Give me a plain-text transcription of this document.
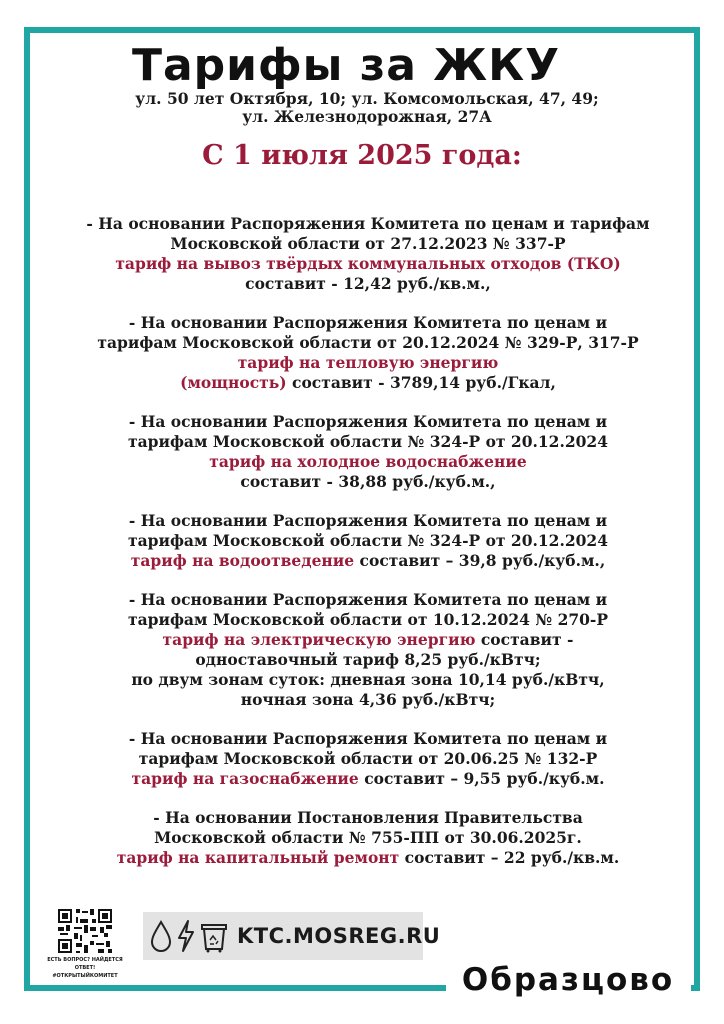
Тарифы за ЖКУ
ул. 50 лет Октября, 10; ул. Комсомольская, 47, 49;
ул. Железнодорожная, 27А
С 1 июля 2025 года:

- На основании Распоряжения Комитета по ценам и тарифам

Московской области от 27.12.2023 № 337-Р

тариф на вывоз твёрдых коммунальных отходов (ТКО)

составит - 12,42 руб./кв.м.,

- На основании Распоряжения Комитета по ценам и

тарифам Московской области от 20.12.2024 № 329-Р, 317-Р

тариф на тепловую энергию

(мощность) составит - 3789,14 руб./Гкал,

- На основании Распоряжения Комитета по ценам и

тарифам Московской области № 324-Р от 20.12.2024

тариф на холодное водоснабжение

составит - 38,88 руб./куб.м.,

- На основании Распоряжения Комитета по ценам и

тарифам Московской области № 324-Р от 20.12.2024

тариф на водоотведение составит – 39,8 руб./куб.м.,

- На основании Распоряжения Комитета по ценам и

тарифам Московской области от 10.12.2024 № 270-Р

тариф на электрическую энергию составит -

одноставочный тариф 8,25 руб./кВтч;

по двум зонам суток: дневная зона 10,14 руб./кВтч,

ночная зона 4,36 руб./кВтч;

- На основании Распоряжения Комитета по ценам и

тарифам Московской области от 20.06.25 № 132-Р

тариф на газоснабжение составит – 9,55 руб./куб.м.

- На основании Постановления Правительства

Московской области № 755-ПП от 30.06.2025г.

тариф на капитальный ремонт составит – 22 руб./кв.м.

ЕСТЬ ВОПРОС? НАЙДЕТСЯ ОТВЕТ!
#ОТКРЫТЫЙКОМИТЕТ
KTC.MOSREG.RU
Образцово
